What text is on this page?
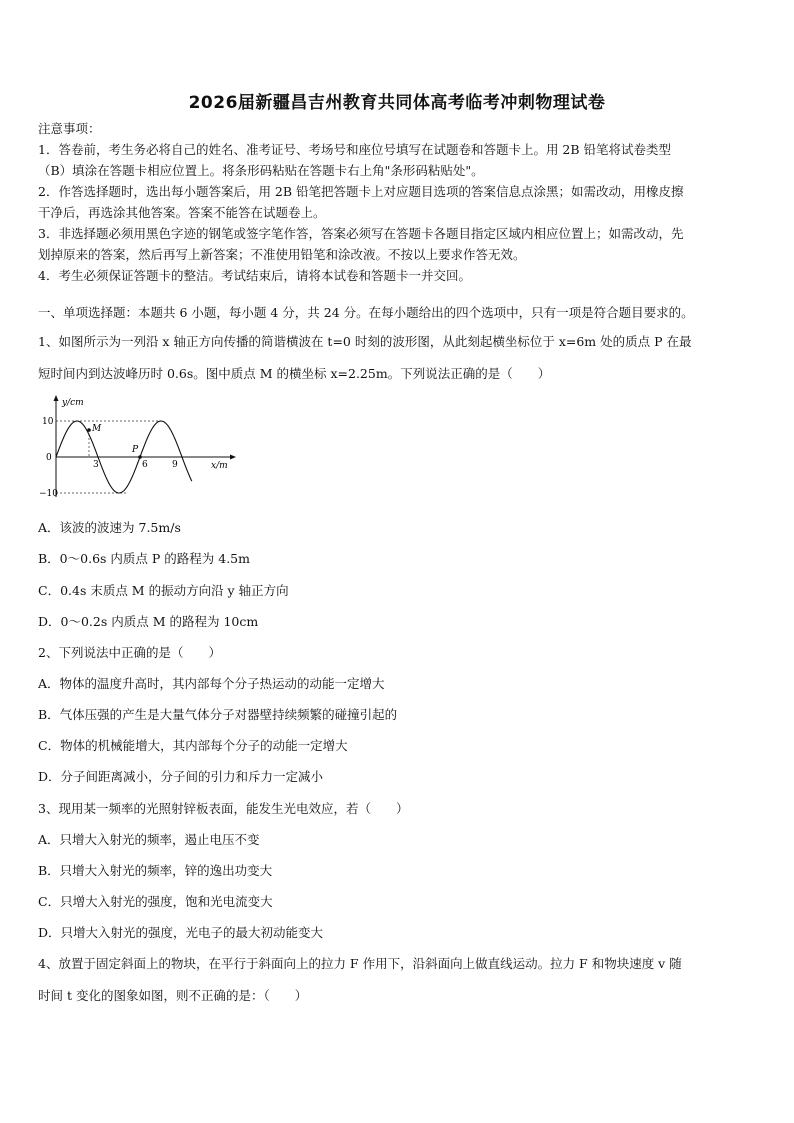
2026届新疆昌吉州教育共同体高考临考冲刺物理试卷
注意事项：
1．答卷前，考生务必将自己的姓名、准考证号、考场号和座位号填写在试题卷和答题卡上。用 2B 铅笔将试卷类型
（B）填涂在答题卡相应位置上。将条形码粘贴在答题卡右上角"条形码粘贴处"。
2．作答选择题时，选出每小题答案后，用 2B 铅笔把答题卡上对应题目选项的答案信息点涂黑；如需改动，用橡皮擦
干净后，再选涂其他答案。答案不能答在试题卷上。
3．非选择题必须用黑色字迹的钢笔或签字笔作答，答案必须写在答题卡各题目指定区域内相应位置上；如需改动，先
划掉原来的答案，然后再写上新答案；不准使用铅笔和涂改液。不按以上要求作答无效。
4．考生必须保证答题卡的整洁。考试结束后，请将本试卷和答题卡一并交回。
一、单项选择题：本题共 6 小题，每小题 4 分，共 24 分。在每小题给出的四个选项中，只有一项是符合题目要求的。
1、如图所示为一列沿 x 轴正方向传播的简谐横波在 t=0 时刻的波形图，从此刻起横坐标位于 x=6m 处的质点 P 在最
短时间内到达波峰历时 0.6s。图中质点 M 的横坐标 x=2.25m。下列说法正确的是（　　）
y/cm
x/m
10
0
−10
M
P
3	6	9
A．该波的波速为 7.5m/s
B．0～0.6s 内质点 P 的路程为 4.5m
C．0.4s 末质点 M 的振动方向沿 y 轴正方向
D．0～0.2s 内质点 M 的路程为 10cm
2、下列说法中正确的是（　　）
A．物体的温度升高时，其内部每个分子热运动的动能一定增大
B．气体压强的产生是大量气体分子对器壁持续频繁的碰撞引起的
C．物体的机械能增大，其内部每个分子的动能一定增大
D．分子间距离减小，分子间的引力和斥力一定减小
3、现用某一频率的光照射锌板表面，能发生光电效应，若（　　）
A．只增大入射光的频率，遏止电压不变
B．只增大入射光的频率，锌的逸出功变大
C．只增大入射光的强度，饱和光电流变大
D．只增大入射光的强度，光电子的最大初动能变大
4、放置于固定斜面上的物块，在平行于斜面向上的拉力 F 作用下，沿斜面向上做直线运动。拉力 F 和物块速度 v 随
时间 t 变化的图象如图，则不正确的是：（　　）
